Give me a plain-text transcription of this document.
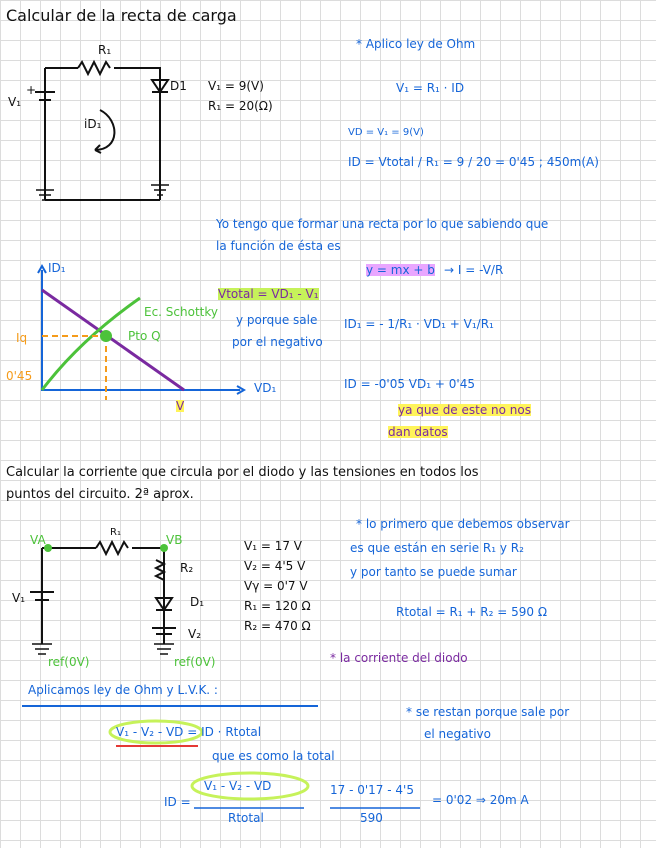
Calcular de la recta de carga
R₁
D1
V₁
+
iD₁
V₁ = 9(V)
R₁ = 20(Ω)
* Aplico ley de Ohm
V₁ = R₁ · ID
VD = V₁ = 9(V)
ID = Vtotal / R₁ = 9 / 20 = 0'45 ; 450m(A)
Yo tengo que formar una recta por lo que sabiendo que
la función de ésta es
y = mx + b → I = -V/R
ID₁
VD₁
Iq
0'45
V
Ec. Schottky
Pto Q
Vtotal = VD₁ - V₁
y porque sale
por el negativo
ID₁ = - 1/R₁ · VD₁ + V₁/R₁
ID = -0'05 VD₁ + 0'45
ya que de este no nos
dan datos
Calcular la corriente que circula por el diodo y las tensiones en todos los
puntos del circuito. 2ª aprox.
VA	VB
R₁
R₂
D₁
V₁
V₂
ref(0V)	ref(0V)
V₁ = 17 V
V₂ = 4'5 V
Vγ = 0'7 V
R₁ = 120 Ω
R₂ = 470 Ω
* lo primero que debemos observar
es que están en serie R₁ y R₂
y por tanto se puede sumar
Rtotal = R₁ + R₂ = 590 Ω
* la corriente del diodo
Aplicamos ley de Ohm y L.V.K. :
V₁ - V₂ - VD = ID · Rtotal
que es como la total
* se restan porque sale por
el negativo
ID =
V₁ - V₂ - VD
Rtotal
17 - 0'17 - 4'5
590
= 0'02 ⇒ 20m A
